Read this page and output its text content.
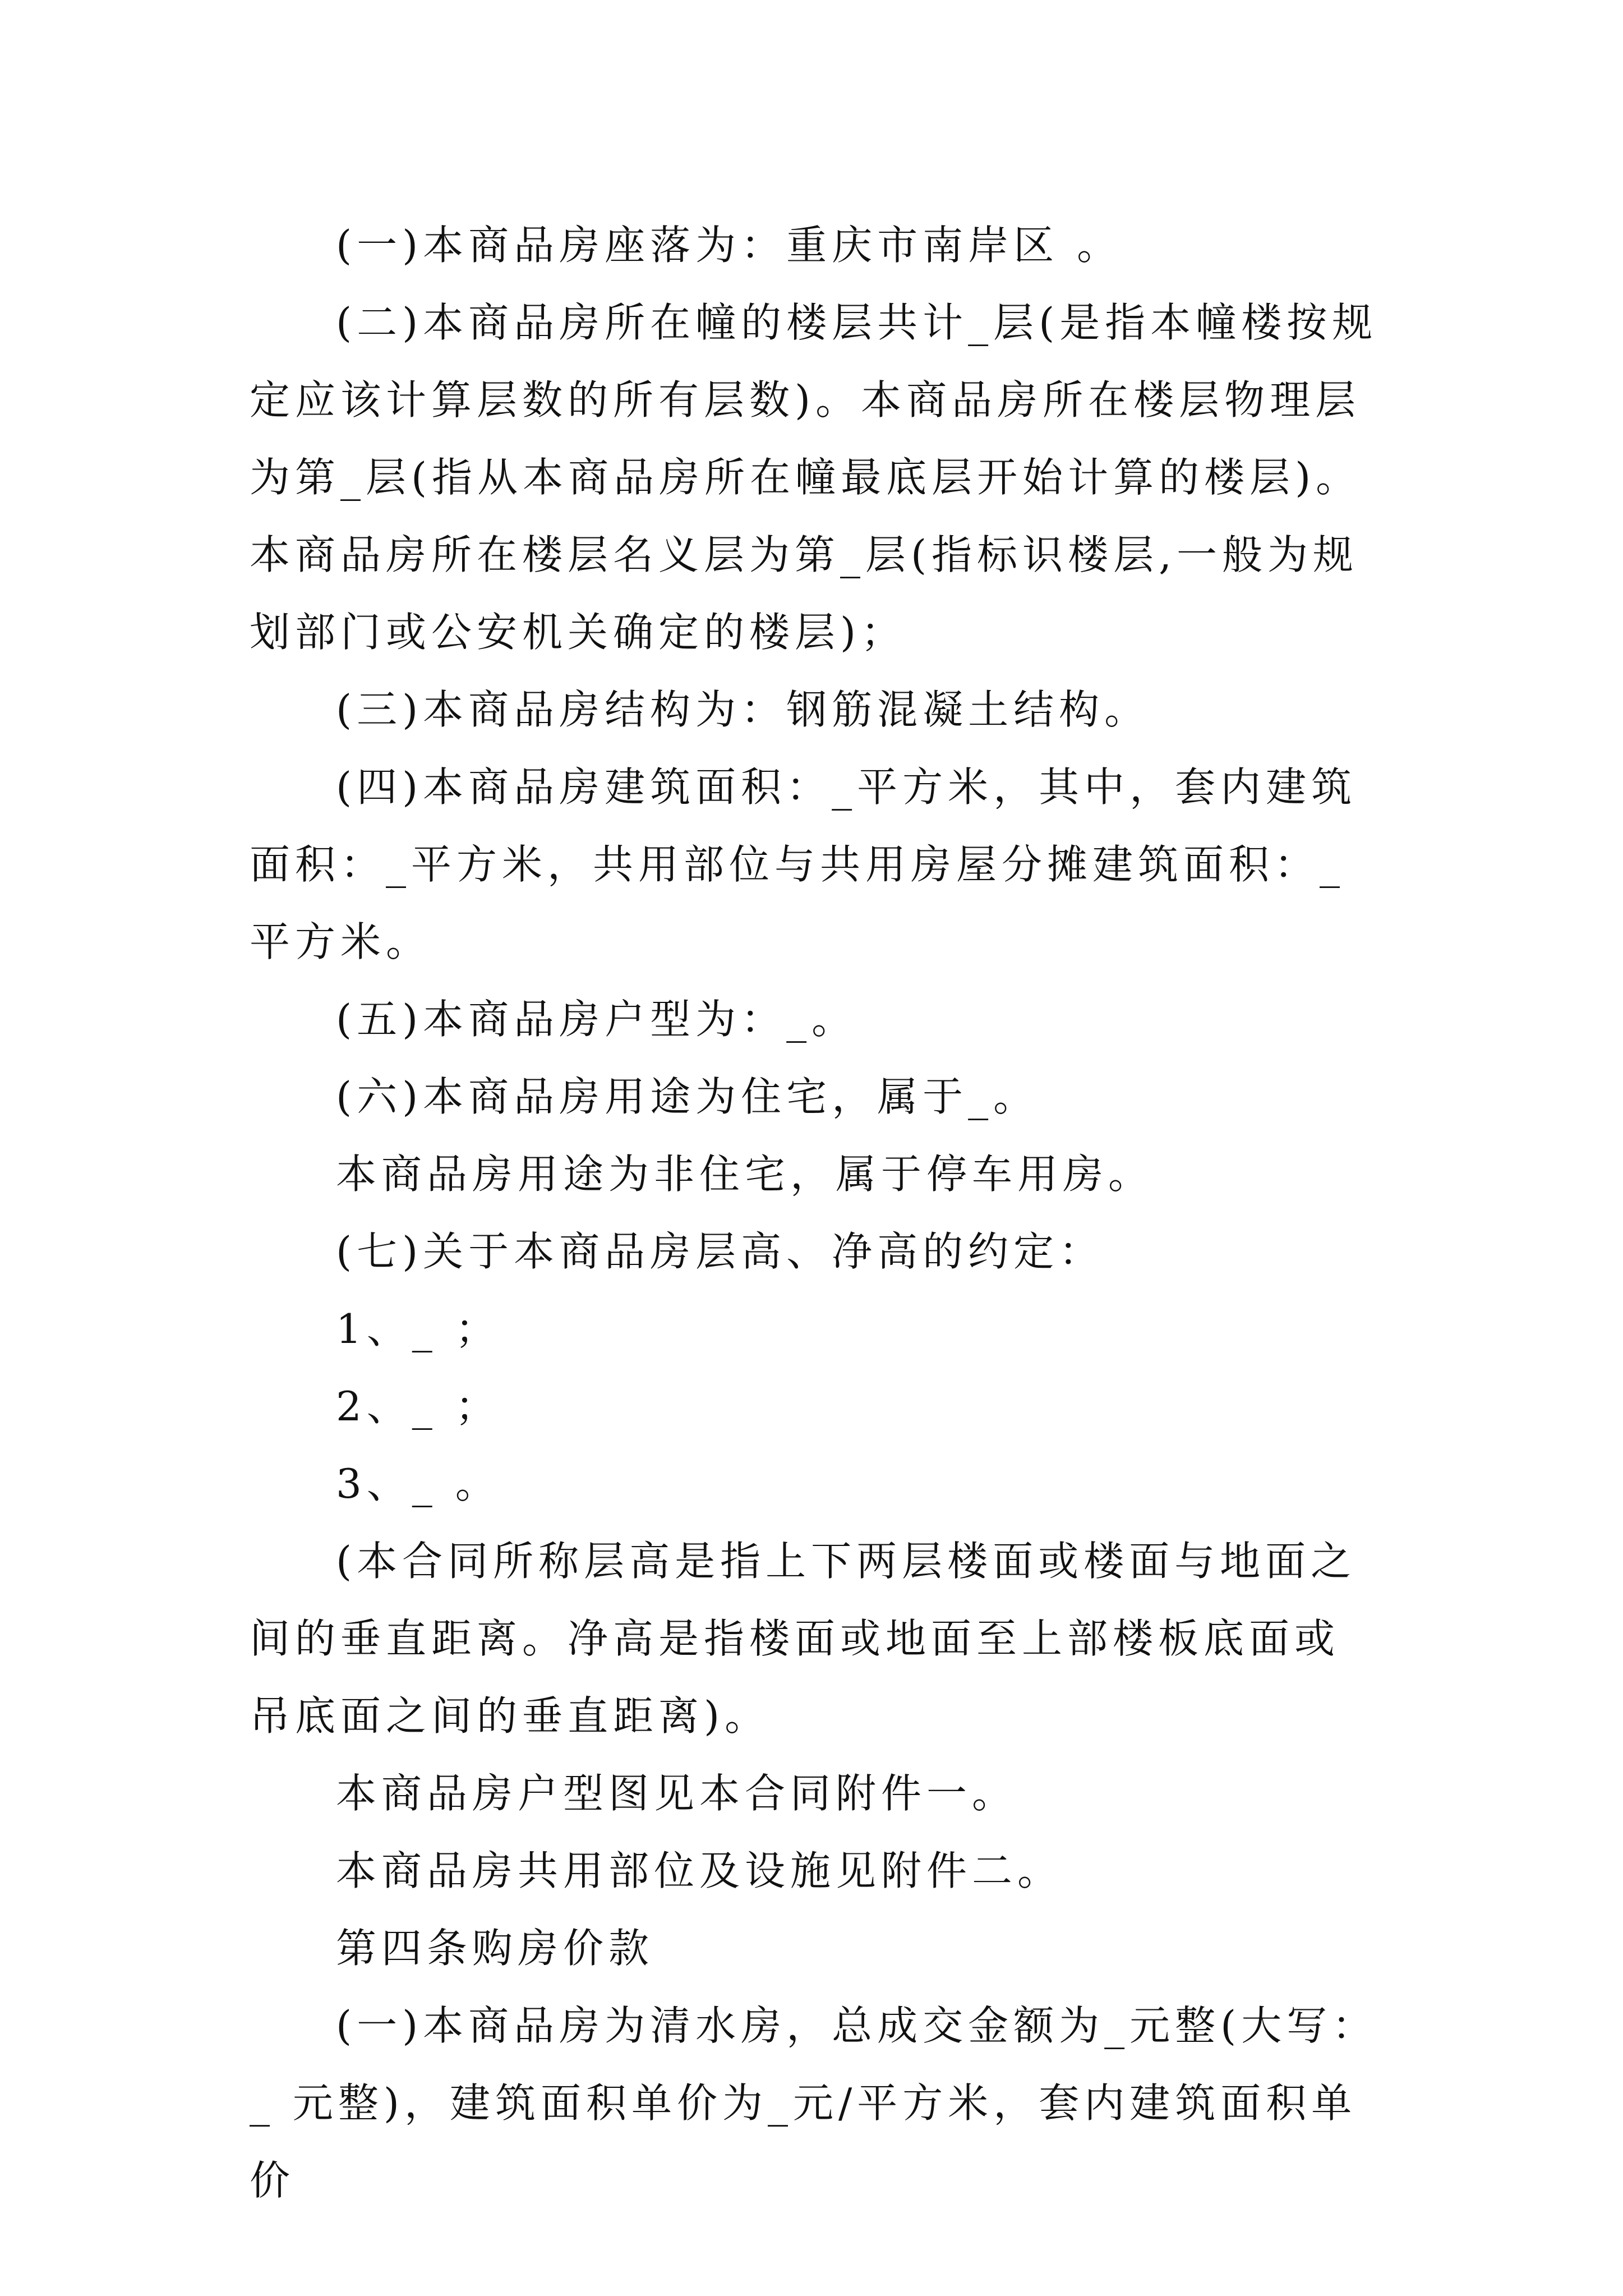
(一)本商品房座落为：重庆市南岸区 。

(二)本商品房所在幢的楼层共计_层(是指本幢楼按规定应该计算层数的所有层数)。本商品房所在楼层物理层为第_层(指从本商品房所在幢最底层开始计算的楼层)。本商品房所在楼层名义层为第_层(指标识楼层,一般为规划部门或公安机关确定的楼层)；

(三)本商品房结构为：钢筋混凝土结构。

(四)本商品房建筑面积：_平方米，其中，套内建筑面积：_平方米，共用部位与共用房屋分摊建筑面积：_平方米。

(五)本商品房户型为：_。

(六)本商品房用途为住宅，属于_。

本商品房用途为非住宅，属于停车用房。

(七)关于本商品房层高、净高的约定：

1、_ ；

2、_ ；

3、_ 。

(本合同所称层高是指上下两层楼面或楼面与地面之间的垂直距离。净高是指楼面或地面至上部楼板底面或吊底面之间的垂直距离)。

本商品房户型图见本合同附件一。

本商品房共用部位及设施见附件二。

第四条购房价款

(一)本商品房为清水房，总成交金额为_元整(大写：_ 元整)，建筑面积单价为_元/平方米，套内建筑面积单价
